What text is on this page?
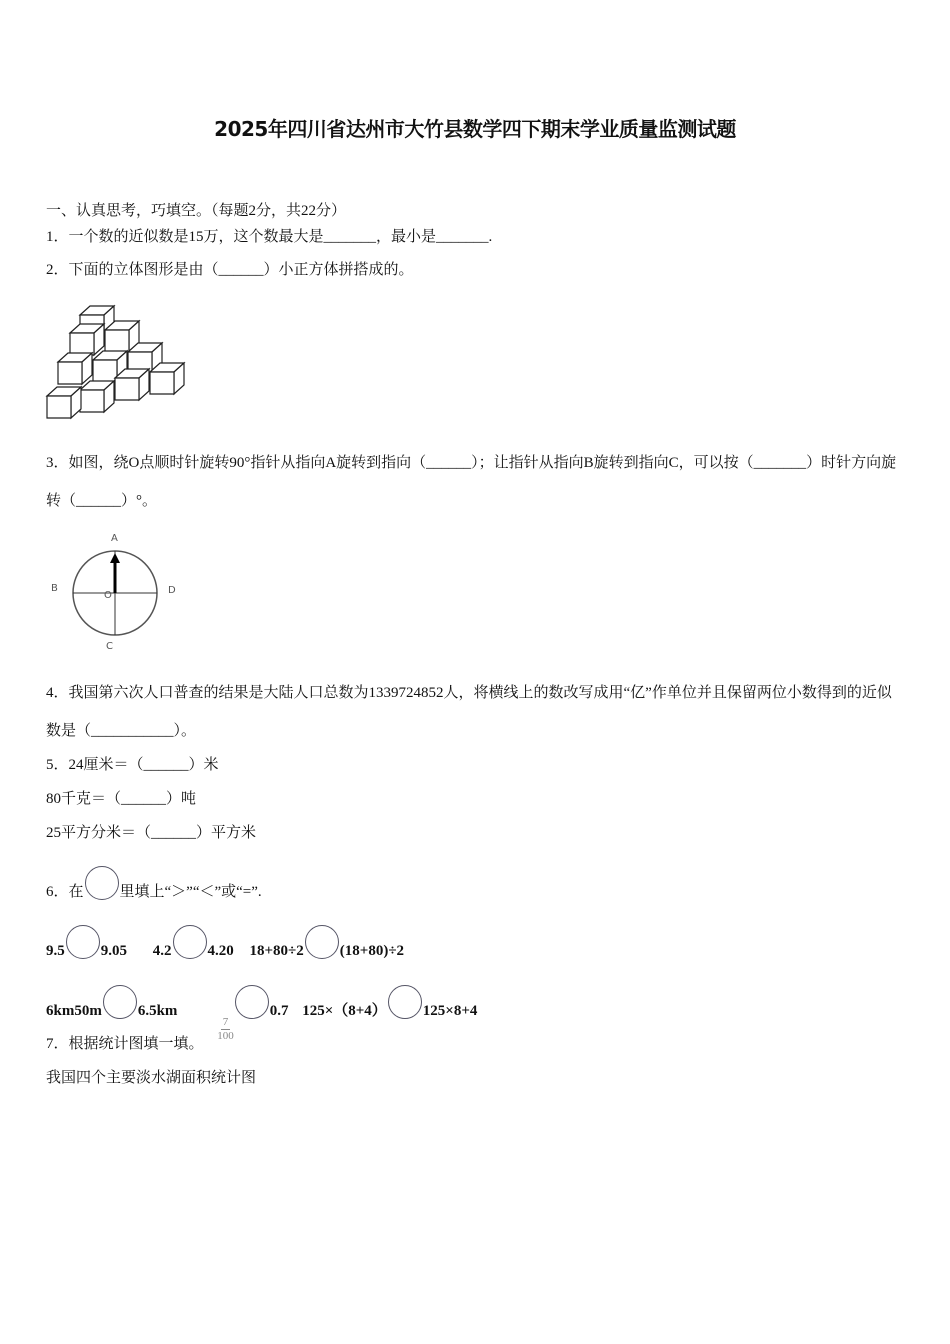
2025年四川省达州市大竹县数学四下期末学业质量监测试题
一、认真思考，巧填空。（每题2分，共22分）
1．一个数的近似数是15万，这个数最大是_______，最小是_______.
2．下面的立体图形是由（______）小正方体拼搭成的。
3．如图，绕O点顺时针旋转90°指针从指向A旋转到指向（______）；让指针从指向B旋转到指向C，可以按（_______）时针方向旋转（______）°。
A
B	D
C
O
4．我国第六次人口普查的结果是大陆人口总数为1339724852人，将横线上的数改写成用“亿”作单位并且保留两位小数得到的近似数是（___________）。
5．24厘米＝（______）米
80千克＝（______）吨
25平方分米＝（______）平方米
6．在 里填上“＞”“＜”或“=”.
9.5 9.05 4.2 4.20 18+80÷2 (18+80)÷2
6km50m 6.5km
$\frac{7}{100}$
0.7 125×（8+4） 125×8+4
7．根据统计图填一填。
我国四个主要淡水湖面积统计图
